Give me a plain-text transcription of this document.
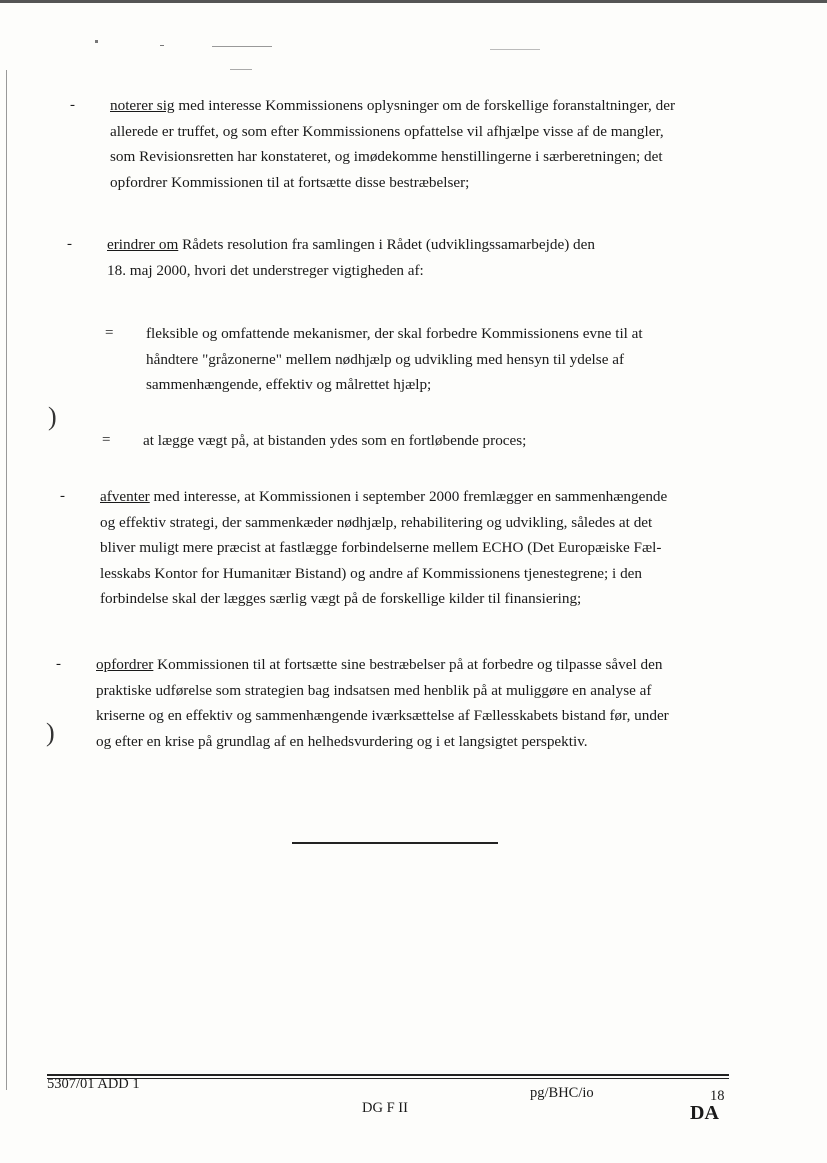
)
)
- noterer sig med interesse Kommissionens oplysninger om de forskellige foranstaltninger, der
allerede er truffet, og som efter Kommissionens opfattelse vil afhjælpe visse af de mangler,
som Revisionsretten har konstateret, og imødekomme henstillingerne i særberetningen; det
opfordrer Kommissionen til at fortsætte disse bestræbelser;
- erindrer om Rådets resolution fra samlingen i Rådet (udviklingssamarbejde) den
18. maj 2000, hvori det understreger vigtigheden af:
= fleksible og omfattende mekanismer, der skal forbedre Kommissionens evne til at
håndtere "gråzonerne" mellem nødhjælp og udvikling med hensyn til ydelse af
sammenhængende, effektiv og målrettet hjælp;
= at lægge vægt på, at bistanden ydes som en fortløbende proces;
- afventer med interesse, at Kommissionen i september 2000 fremlægger en sammenhængende
og effektiv strategi, der sammenkæder nødhjælp, rehabilitering og udvikling, således at det
bliver muligt mere præcist at fastlægge forbindelserne mellem ECHO (Det Europæiske Fæl-
lesskabs Kontor for Humanitær Bistand) og andre af Kommissionens tjenestegrene; i den
forbindelse skal der lægges særlig vægt på de forskellige kilder til finansiering;
- opfordrer Kommissionen til at fortsætte sine bestræbelser på at forbedre og tilpasse såvel den
praktiske udførelse som strategien bag indsatsen med henblik på at muliggøre en analyse af
kriserne og en effektiv og sammenhængende iværksættelse af Fællesskabets bistand før, under
og efter en krise på grundlag af en helhedsvurdering og i et langsigtet perspektiv.
5307/01 ADD 1
DG F II
pg/BHC/io	18
DA
